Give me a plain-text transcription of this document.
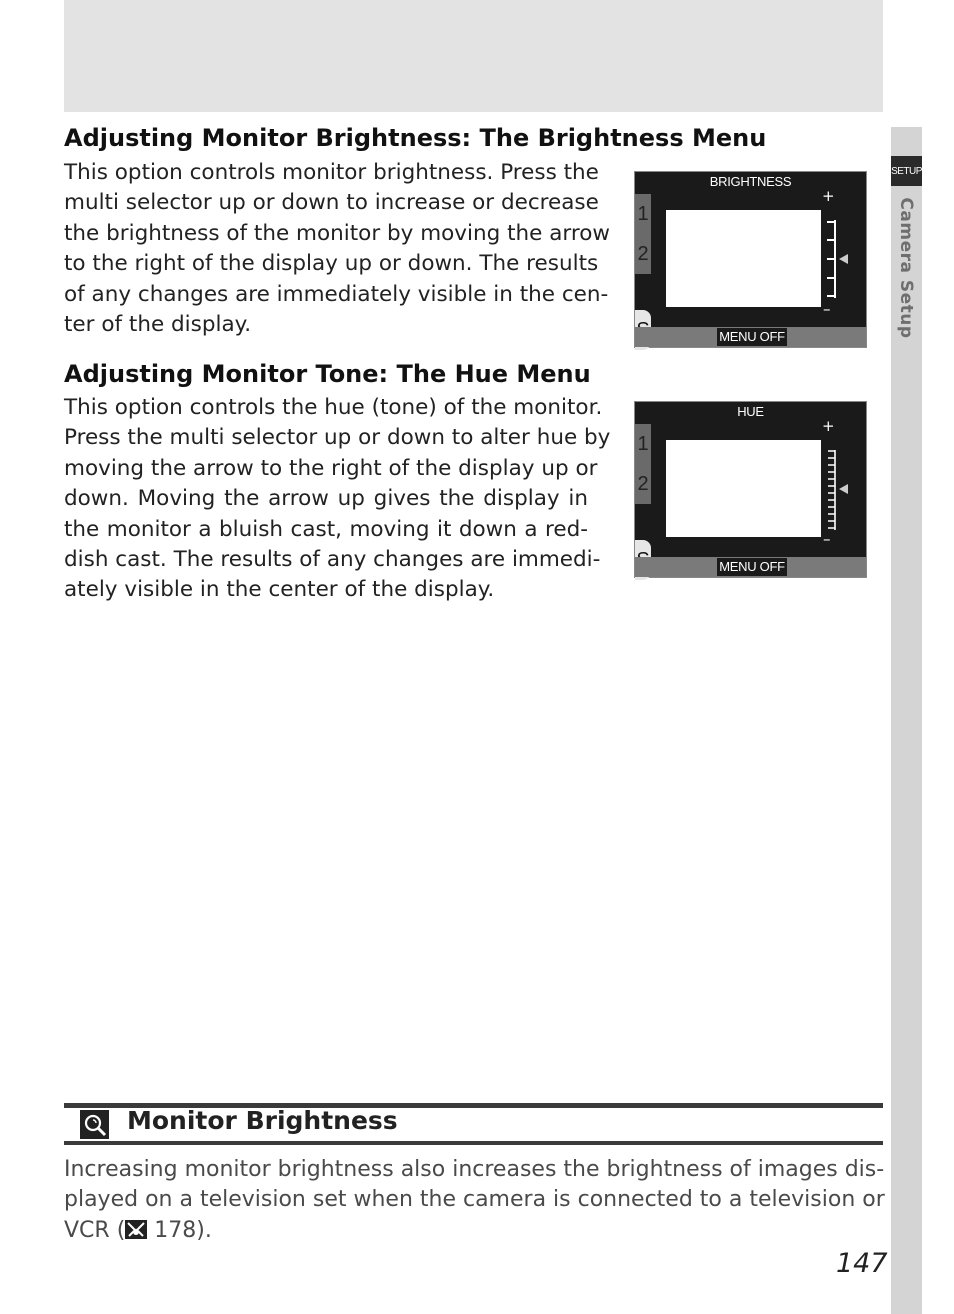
SETUP
Camera Setup
Adjusting Monitor Brightness: The Brightness Menu
This option controls monitor brightness. Press the
multi selector up or down to increase or decrease
the brightness of the monitor by moving the arrow
to the right of the display up or down. The results
of any changes are immediately visible in the cen-
ter of the display.
Adjusting Monitor Tone: The Hue Menu
This option controls the hue (tone) of the monitor.
Press the multi selector up or down to alter hue by
moving the arrow to the right of the display up or
down. Moving the arrow up gives the display in
the monitor a bluish cast, moving it down a red-
dish cast. The results of any changes are immedi-
ately visible in the center of the display.
BRIGHTNESS
1
2
+
–
MENU OFF
HUE
1
2
+
–
MENU OFF
Monitor Brightness
Increasing monitor brightness also increases the brightness of images dis-
played on a television set when the camera is connected to a television or
VCR ( 178).
147
